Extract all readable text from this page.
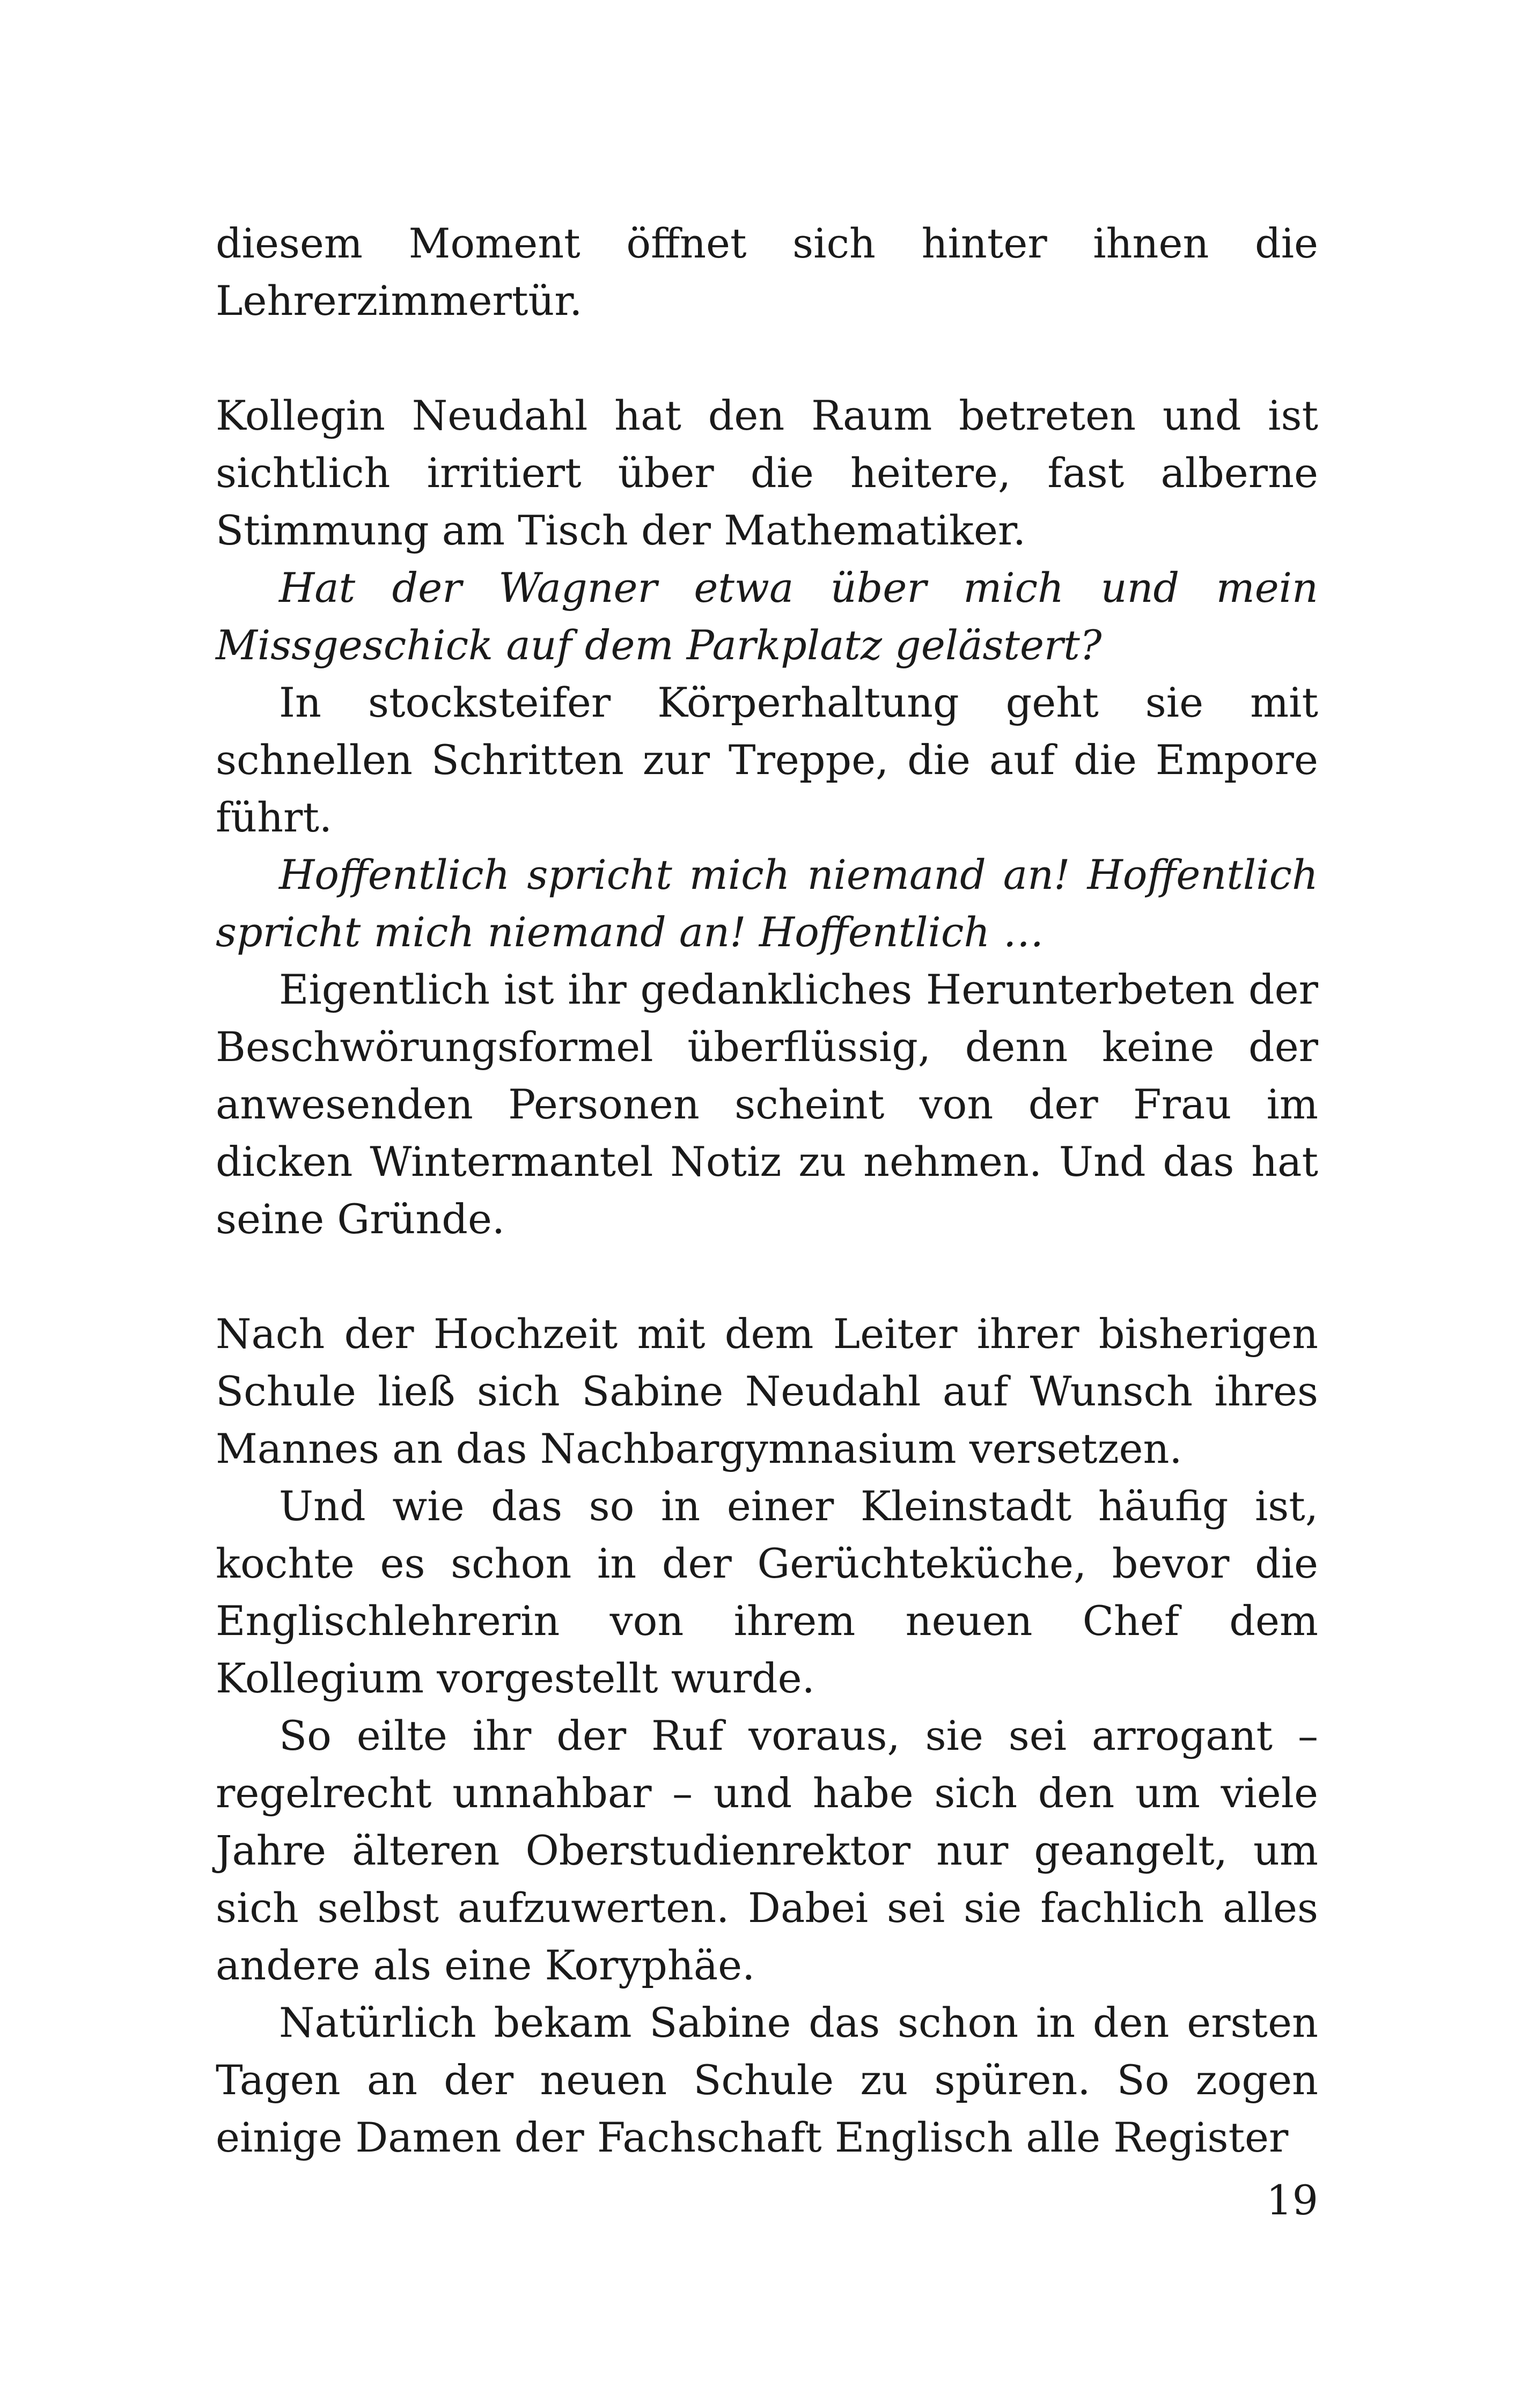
diesem Moment öffnet sich hinter ihnen die Lehrerzimmertür.

Kollegin Neudahl hat den Raum betreten und ist sichtlich irritiert über die heitere, fast alberne Stimmung am Tisch der Mathematiker.

Hat der Wagner etwa über mich und mein Missgeschick auf dem Parkplatz gelästert?

In stocksteifer Körperhaltung geht sie mit schnellen Schritten zur Treppe, die auf die Empore führt.

Hoffentlich spricht mich niemand an! Hoffentlich spricht mich niemand an! Hoffentlich …

Eigentlich ist ihr gedankliches Herunterbeten der Beschwörungsformel überflüssig, denn keine der anwesenden Personen scheint von der Frau im dicken Wintermantel Notiz zu nehmen. Und das hat seine Gründe.

Nach der Hochzeit mit dem Leiter ihrer bisherigen Schule ließ sich Sabine Neudahl auf Wunsch ihres Mannes an das Nachbargymnasium versetzen.

Und wie das so in einer Kleinstadt häufig ist, kochte es schon in der Gerüchteküche, bevor die Englischlehrerin von ihrem neuen Chef dem Kollegium vorgestellt wurde.

So eilte ihr der Ruf voraus, sie sei arrogant – regelrecht unnahbar – und habe sich den um viele Jahre älteren Oberstudienrektor nur geangelt, um sich selbst aufzuwerten. Dabei sei sie fachlich alles andere als eine Koryphäe.

Natürlich bekam Sabine das schon in den ersten Tagen an der neuen Schule zu spüren. So zogen einige Damen der Fachschaft Englisch alle Register

19
